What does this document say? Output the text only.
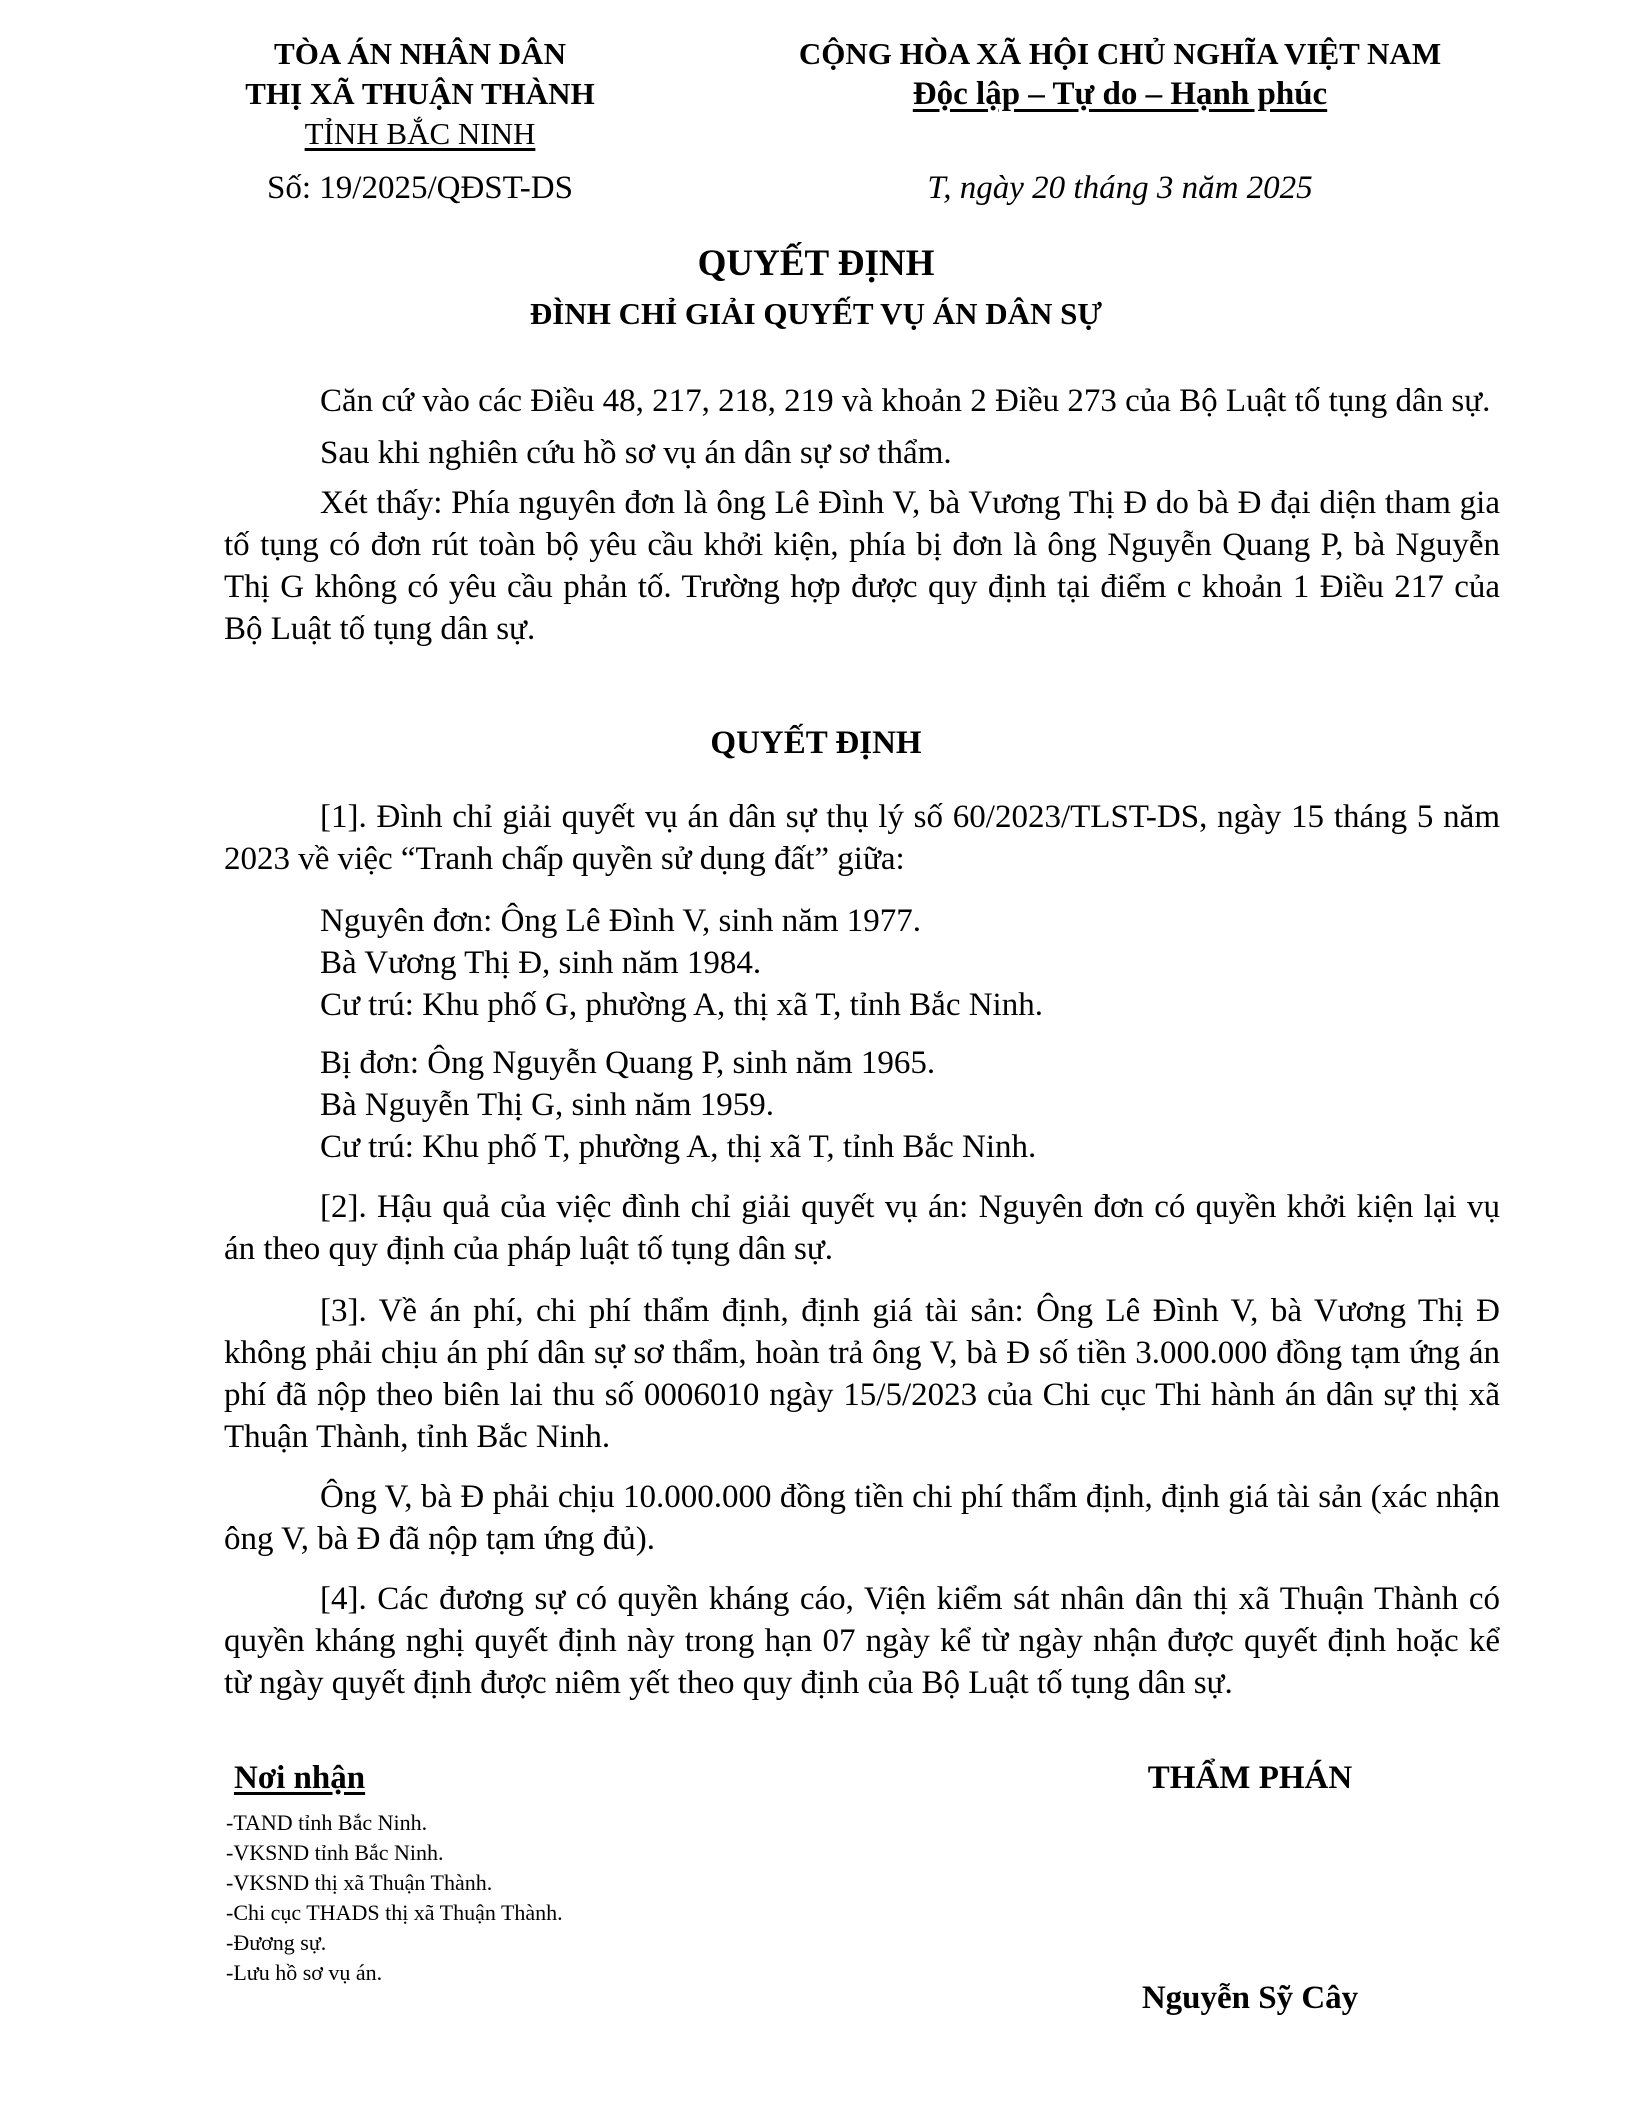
TÒA ÁN NHÂN DÂN
THỊ XÃ THUẬN THÀNH
TỈNH BẮC NINH
CỘNG HÒA XÃ HỘI CHỦ NGHĨA VIỆT NAM
Độc lập – Tự do – Hạnh phúc
Số: 19/2025/QĐST-DS	T, ngày 20 tháng 3 năm 2025
QUYẾT ĐỊNH
ĐÌNH CHỈ GIẢI QUYẾT VỤ ÁN DÂN SỰ

Căn cứ vào các Điều 48, 217, 218, 219 và khoản 2 Điều 273 của Bộ Luật tố tụng dân sự.

Sau khi nghiên cứu hồ sơ vụ án dân sự sơ thẩm.

Xét thấy: Phía nguyên đơn là ông Lê Đình V, bà Vương Thị Đ do bà Đ đại diện tham gia tố tụng có đơn rút toàn bộ yêu cầu khởi kiện, phía bị đơn là ông Nguyễn Quang P, bà Nguyễn Thị G không có yêu cầu phản tố. Trường hợp được quy định tại điểm c khoản 1 Điều 217 của Bộ Luật tố tụng dân sự.

QUYẾT ĐỊNH

[1]. Đình chỉ giải quyết vụ án dân sự thụ lý số 60/2023/TLST-DS, ngày 15 tháng 5 năm 2023 về việc “Tranh chấp quyền sử dụng đất” giữa:

Nguyên đơn: Ông Lê Đình V, sinh năm 1977.
Bà Vương Thị Đ, sinh năm 1984.
Cư trú: Khu phố G, phường A, thị xã T, tỉnh Bắc Ninh.
Bị đơn: Ông Nguyễn Quang P, sinh năm 1965.
Bà Nguyễn Thị G, sinh năm 1959.
Cư trú: Khu phố T, phường A, thị xã T, tỉnh Bắc Ninh.

[2]. Hậu quả của việc đình chỉ giải quyết vụ án: Nguyên đơn có quyền khởi kiện lại vụ án theo quy định của pháp luật tố tụng dân sự.

[3]. Về án phí, chi phí thẩm định, định giá tài sản: Ông Lê Đình V, bà Vương Thị Đ không phải chịu án phí dân sự sơ thẩm, hoàn trả ông V, bà Đ số tiền 3.000.000 đồng tạm ứng án phí đã nộp theo biên lai thu số 0006010 ngày 15/5/2023 của Chi cục Thi hành án dân sự thị xã Thuận Thành, tỉnh Bắc Ninh.

Ông V, bà Đ phải chịu 10.000.000 đồng tiền chi phí thẩm định, định giá tài sản (xác nhận ông V, bà Đ đã nộp tạm ứng đủ).

[4]. Các đương sự có quyền kháng cáo, Viện kiểm sát nhân dân thị xã Thuận Thành có quyền kháng nghị quyết định này trong hạn 07 ngày kể từ ngày nhận được quyết định hoặc kể từ ngày quyết định được niêm yết theo quy định của Bộ Luật tố tụng dân sự.

Nơi nhận
-TAND tỉnh Bắc Ninh.
-VKSND tỉnh Bắc Ninh.
-VKSND thị xã Thuận Thành.
-Chi cục THADS thị xã Thuận Thành.
-Đương sự.
-Lưu hồ sơ vụ án.
THẨM PHÁN
Nguyễn Sỹ Cây
